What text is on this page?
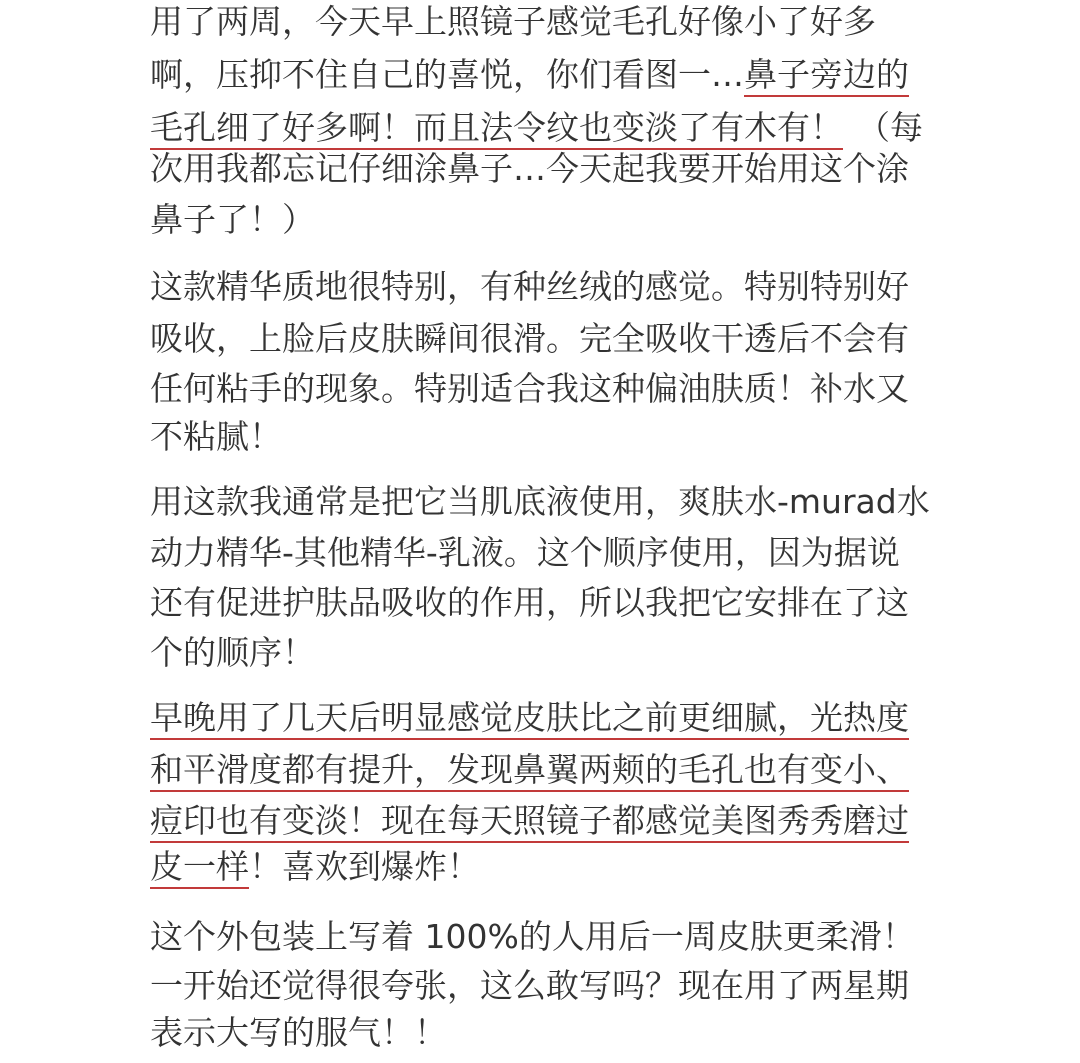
用了两周，今天早上照镜子感觉毛孔好像小了好多
啊，压抑不住自己的喜悦，你们看图一…鼻子旁边的
毛孔细了好多啊！而且法令纹也变淡了有木有！ （每
次用我都忘记仔细涂鼻子…今天起我要开始用这个涂
鼻子了！）
这款精华质地很特别，有种丝绒的感觉。特别特别好
吸收，上脸后皮肤瞬间很滑。完全吸收干透后不会有
任何粘手的现象。特别适合我这种偏油肤质！补水又
不粘腻！
用这款我通常是把它当肌底液使用，爽肤水-murad水
动力精华-其他精华-乳液。这个顺序使用，因为据说
还有促进护肤品吸收的作用，所以我把它安排在了这
个的顺序！
早晚用了几天后明显感觉皮肤比之前更细腻，光热度
和平滑度都有提升，发现鼻翼两颊的毛孔也有变小、
痘印也有变淡！现在每天照镜子都感觉美图秀秀磨过
皮一样！喜欢到爆炸！
这个外包装上写着 100%的人用后一周皮肤更柔滑！
一开始还觉得很夸张，这么敢写吗？现在用了两星期
表示大写的服气！！
